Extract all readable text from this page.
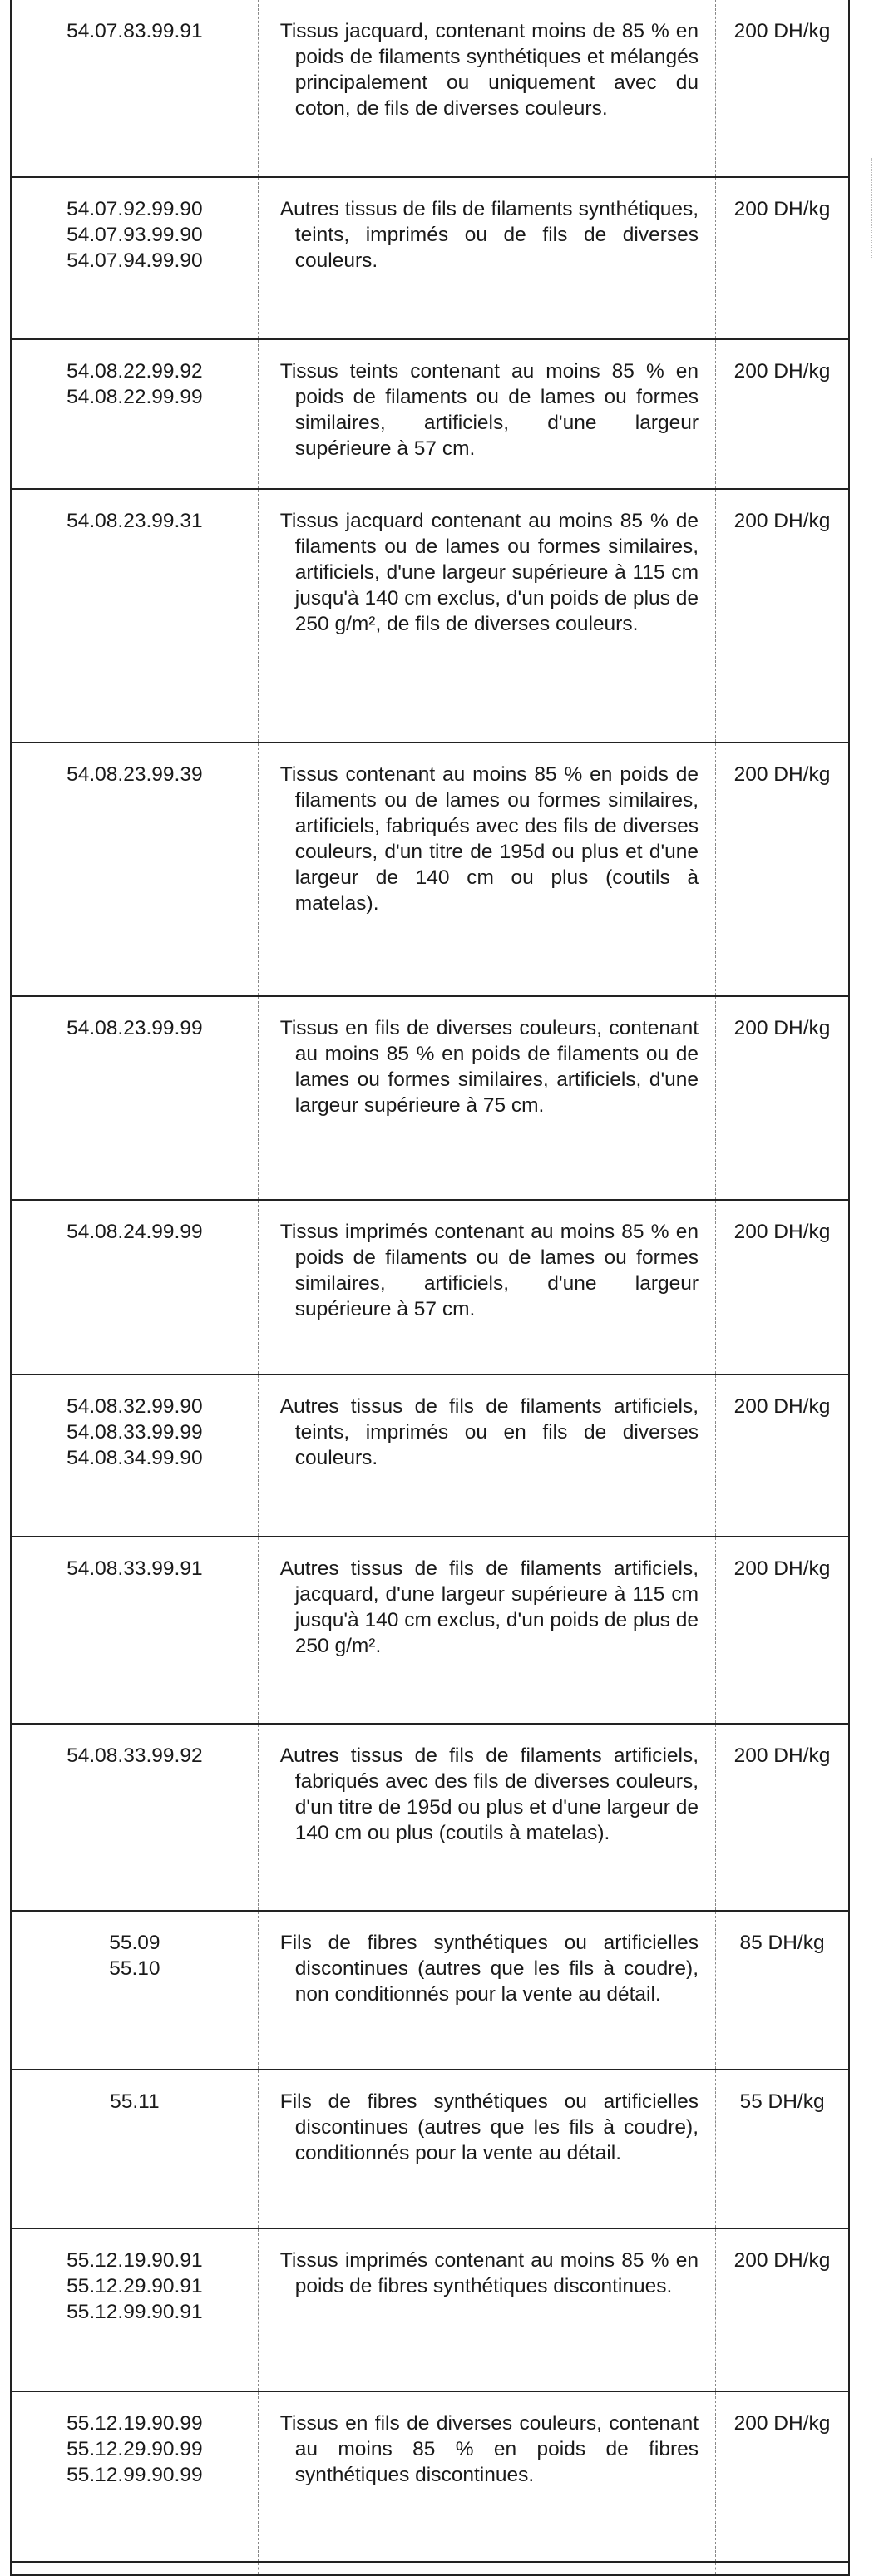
54.07.83.99.91	Tissus jacquard, contenant moins de 85 % en poids de filaments synthétiques et mélangés principalement ou uniquement avec du coton, de fils de diverses couleurs.	200 DH/kg

54.07.92.99.90
54.07.93.99.90
54.07.94.99.90	Autres tissus de fils de filaments synthétiques, teints, imprimés ou de fils de diverses couleurs.	200 DH/kg

54.08.22.99.92
54.08.22.99.99	Tissus teints contenant au moins 85 % en poids de filaments ou de lames ou formes similaires, artificiels, d'une largeur supérieure à 57 cm.	200 DH/kg

54.08.23.99.31	Tissus jacquard contenant au moins 85 % de filaments ou de lames ou formes similaires, artificiels, d'une largeur supérieure à 115 cm jusqu'à 140 cm exclus, d'un poids de plus de 250 g/m², de fils de diverses couleurs.	200 DH/kg

54.08.23.99.39	Tissus contenant au moins 85 % en poids de filaments ou de lames ou formes similaires, artificiels, fabriqués avec des fils de diverses couleurs, d'un titre de 195d ou plus et d'une largeur de 140 cm ou plus (coutils à matelas).	200 DH/kg

54.08.23.99.99	Tissus en fils de diverses couleurs, contenant au moins 85 % en poids de filaments ou de lames ou formes similaires, artificiels, d'une largeur supérieure à 75 cm.	200 DH/kg

54.08.24.99.99	Tissus imprimés contenant au moins 85 % en poids de filaments ou de lames ou formes similaires, artificiels, d'une largeur supérieure à 57 cm.	200 DH/kg

54.08.32.99.90
54.08.33.99.99
54.08.34.99.90	Autres tissus de fils de filaments artificiels, teints, imprimés ou en fils de diverses couleurs.	200 DH/kg

54.08.33.99.91	Autres tissus de fils de filaments artificiels, jacquard, d'une largeur supérieure à 115 cm jusqu'à 140 cm exclus, d'un poids de plus de 250 g/m².	200 DH/kg

54.08.33.99.92	Autres tissus de fils de filaments artificiels, fabriqués avec des fils de diverses couleurs, d'un titre de 195d ou plus et d'une largeur de 140 cm ou plus (coutils à matelas).	200 DH/kg

55.09
55.10	Fils de fibres synthétiques ou artificielles discontinues (autres que les fils à coudre), non conditionnés pour la vente au détail.	85 DH/kg

55.11	Fils de fibres synthétiques ou artificielles discontinues (autres que les fils à coudre), conditionnés pour la vente au détail.	55 DH/kg

55.12.19.90.91
55.12.29.90.91
55.12.99.90.91	Tissus imprimés contenant au moins 85 % en poids de fibres synthétiques discontinues.	200 DH/kg

55.12.19.90.99
55.12.29.90.99
55.12.99.90.99	Tissus en fils de diverses couleurs, contenant au moins 85 % en poids de fibres synthétiques discontinues.	200 DH/kg
